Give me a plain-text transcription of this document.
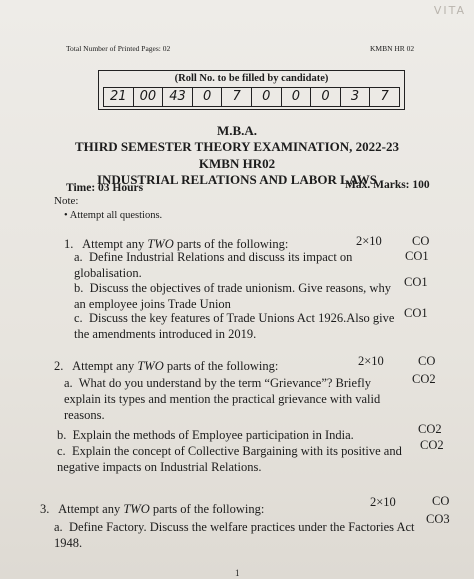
VITA
Total Number of Printed Pages: 02	KMBN HR 02
(Roll No. to be filled by candidate)
21	00	43	0	7	0	0	0	3	7
M.B.A.
THIRD SEMESTER THEORY EXAMINATION, 2022-23
KMBN HR02
INDUSTRIAL RELATIONS AND LABOR LAWS
Time: 03 Hours	Max. Marks: 100
Note:
• Attempt all questions.
1. Attempt any TWO parts of the following:	2×10 CO
a. Define Industrial Relations and discuss its impact on globalisation.
CO1
b. Discuss the objectives of trade unionism. Give reasons, why an employee joins Trade Union
CO1
c. Discuss the key features of Trade Unions Act 1926.Also give the amendments introduced in 2019.
CO1
2. Attempt any TWO parts of the following:	2×10	CO
a. What do you understand by the term “Grievance”? Briefly explain its types and mention the practical grievance with valid reasons.
CO2
b. Explain the methods of Employee participation in India.	CO2
c. Explain the concept of Collective Bargaining with its positive and negative impacts on Industrial Relations.
CO2
3. Attempt any TWO parts of the following:	2×10	CO
a. Define Factory. Discuss the welfare practices under the Factories Act 1948.
CO3
1
